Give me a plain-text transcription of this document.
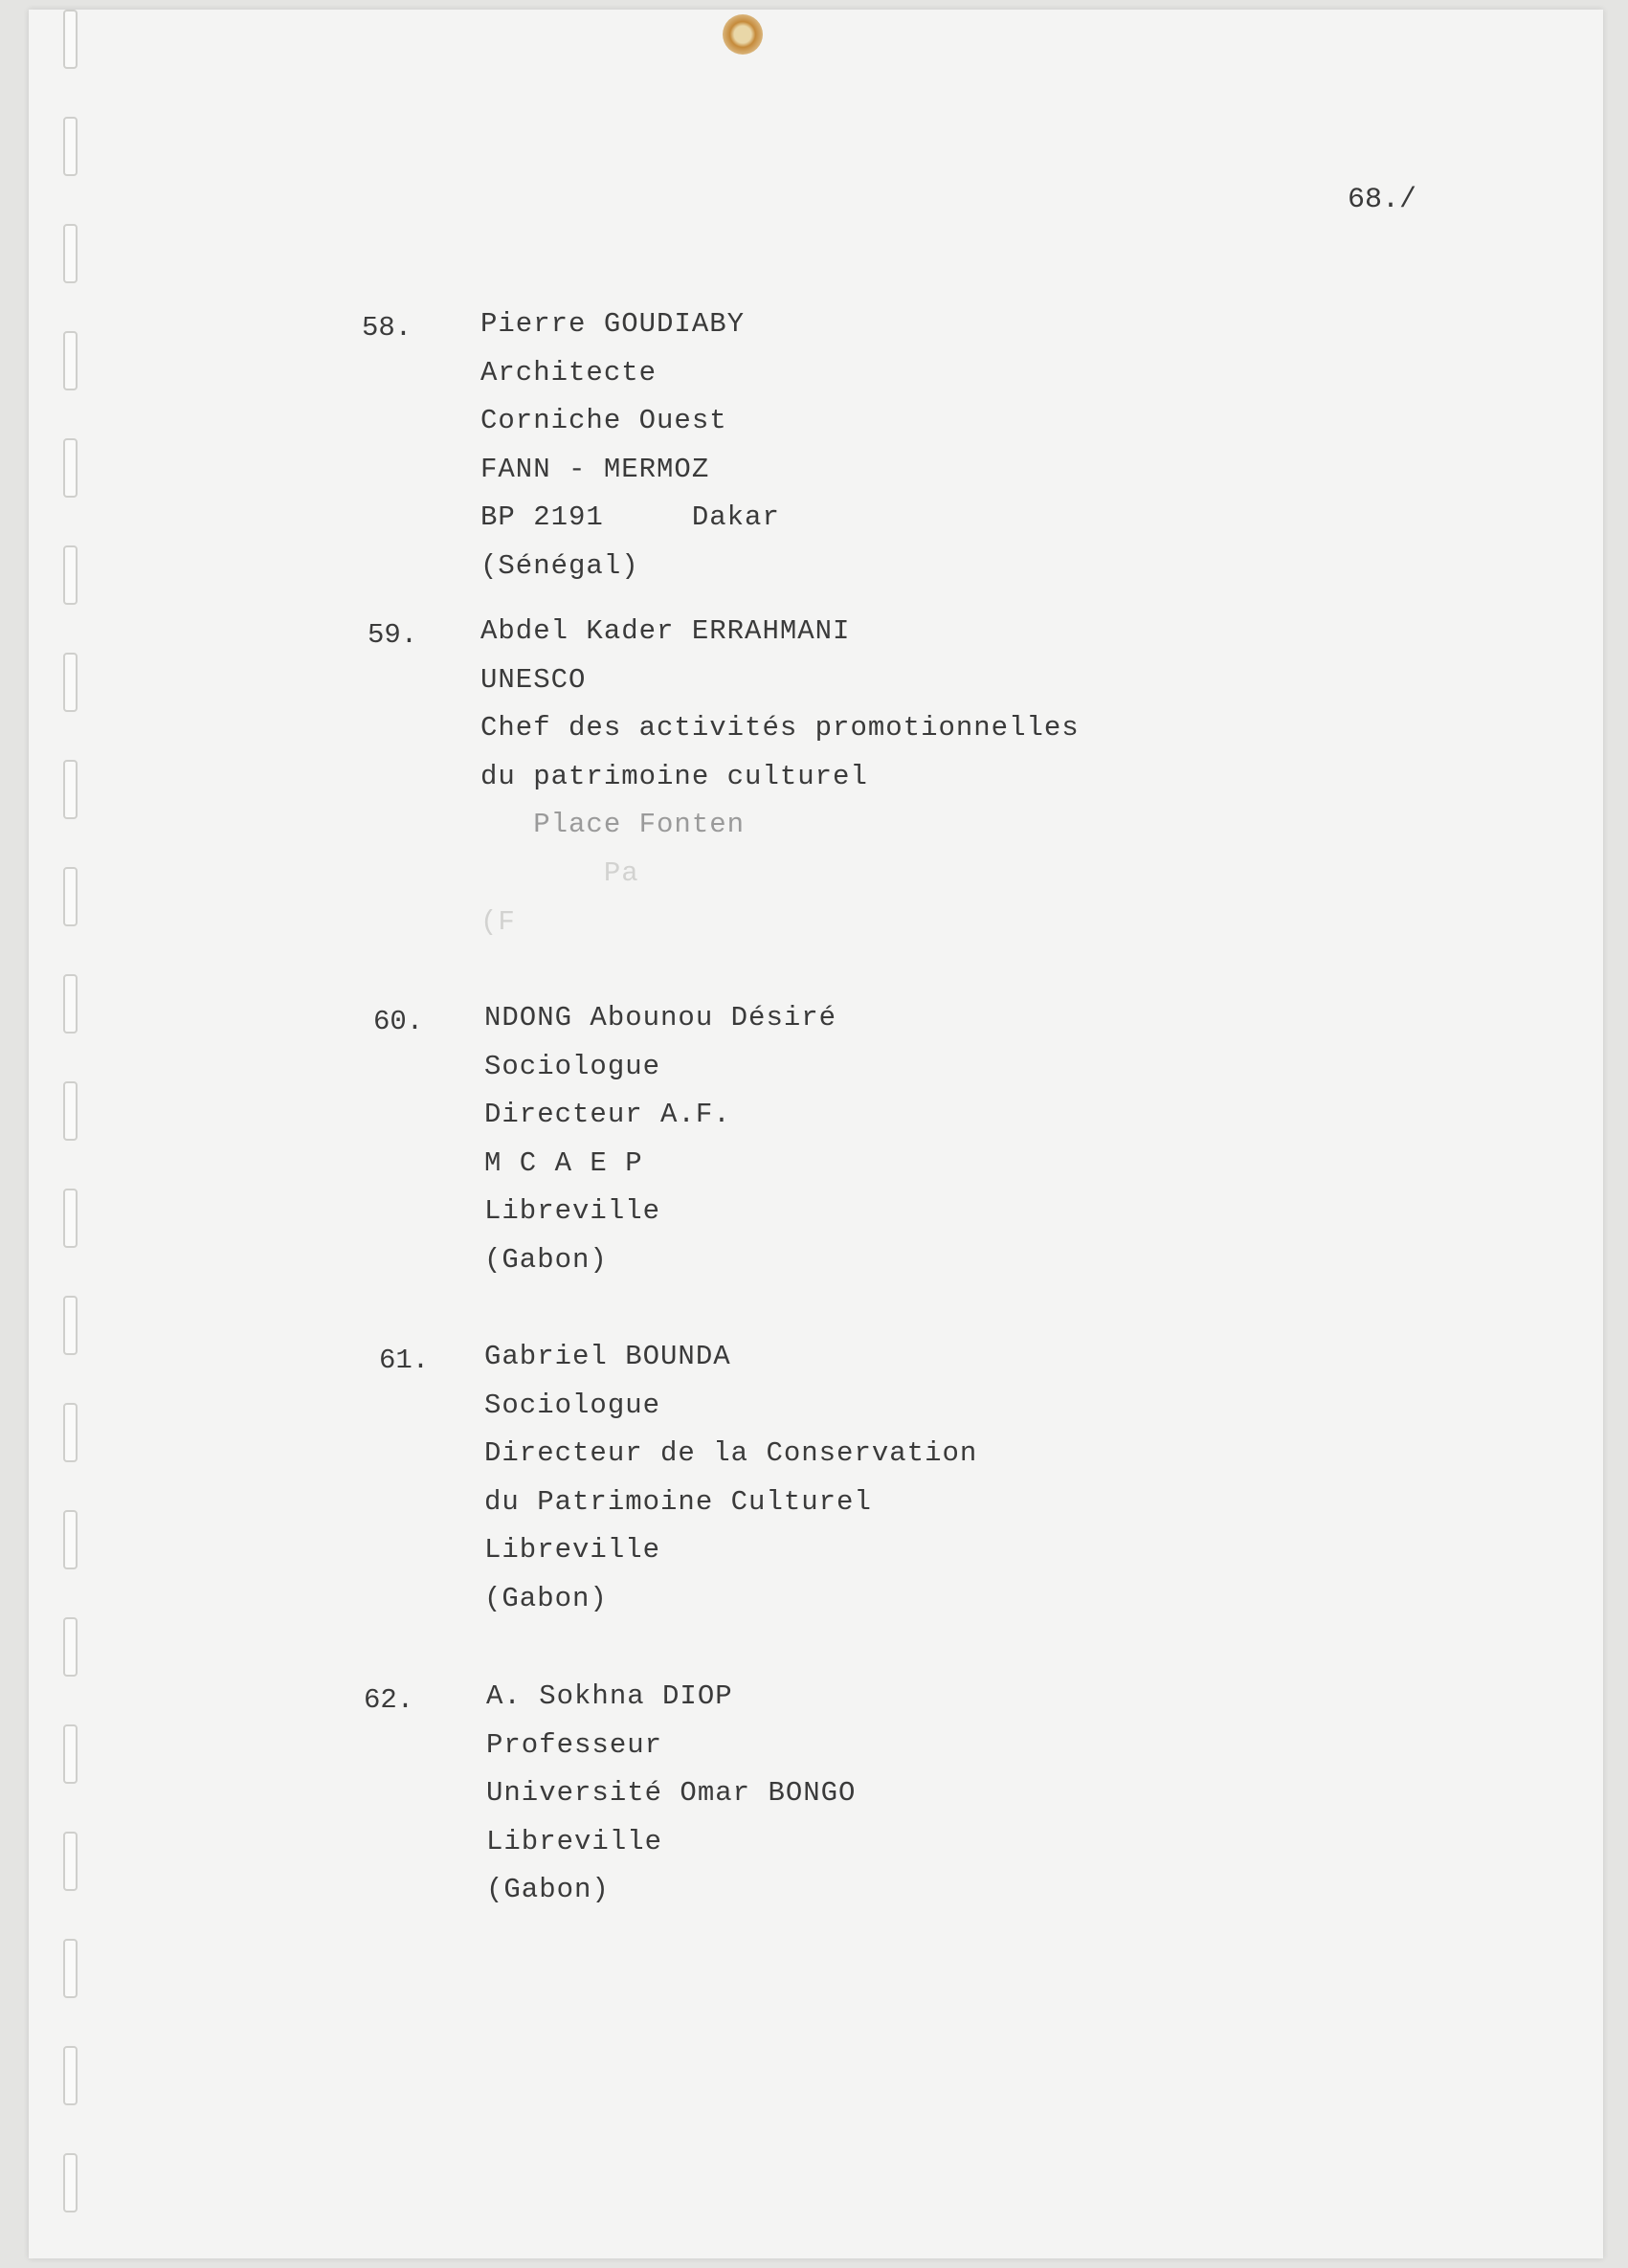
68./
58. Pierre GOUDIABY
Architecte
Corniche Ouest
FANN - MERMOZ
BP 2191     Dakar
(Sénégal)
59. Abdel Kader ERRAHMANI
UNESCO
Chef des activités promotionnelles
du patrimoine culturel
Place Fonten
Pa
(F
60. NDONG Abounou Désiré
Sociologue
Directeur A.F.
M C A E P
Libreville
(Gabon)
61. Gabriel BOUNDA
Sociologue
Directeur de la Conservation
du Patrimoine Culturel
Libreville
(Gabon)
62.	A. Sokhna DIOP
Professeur
Université Omar BONGO
Libreville
(Gabon)
